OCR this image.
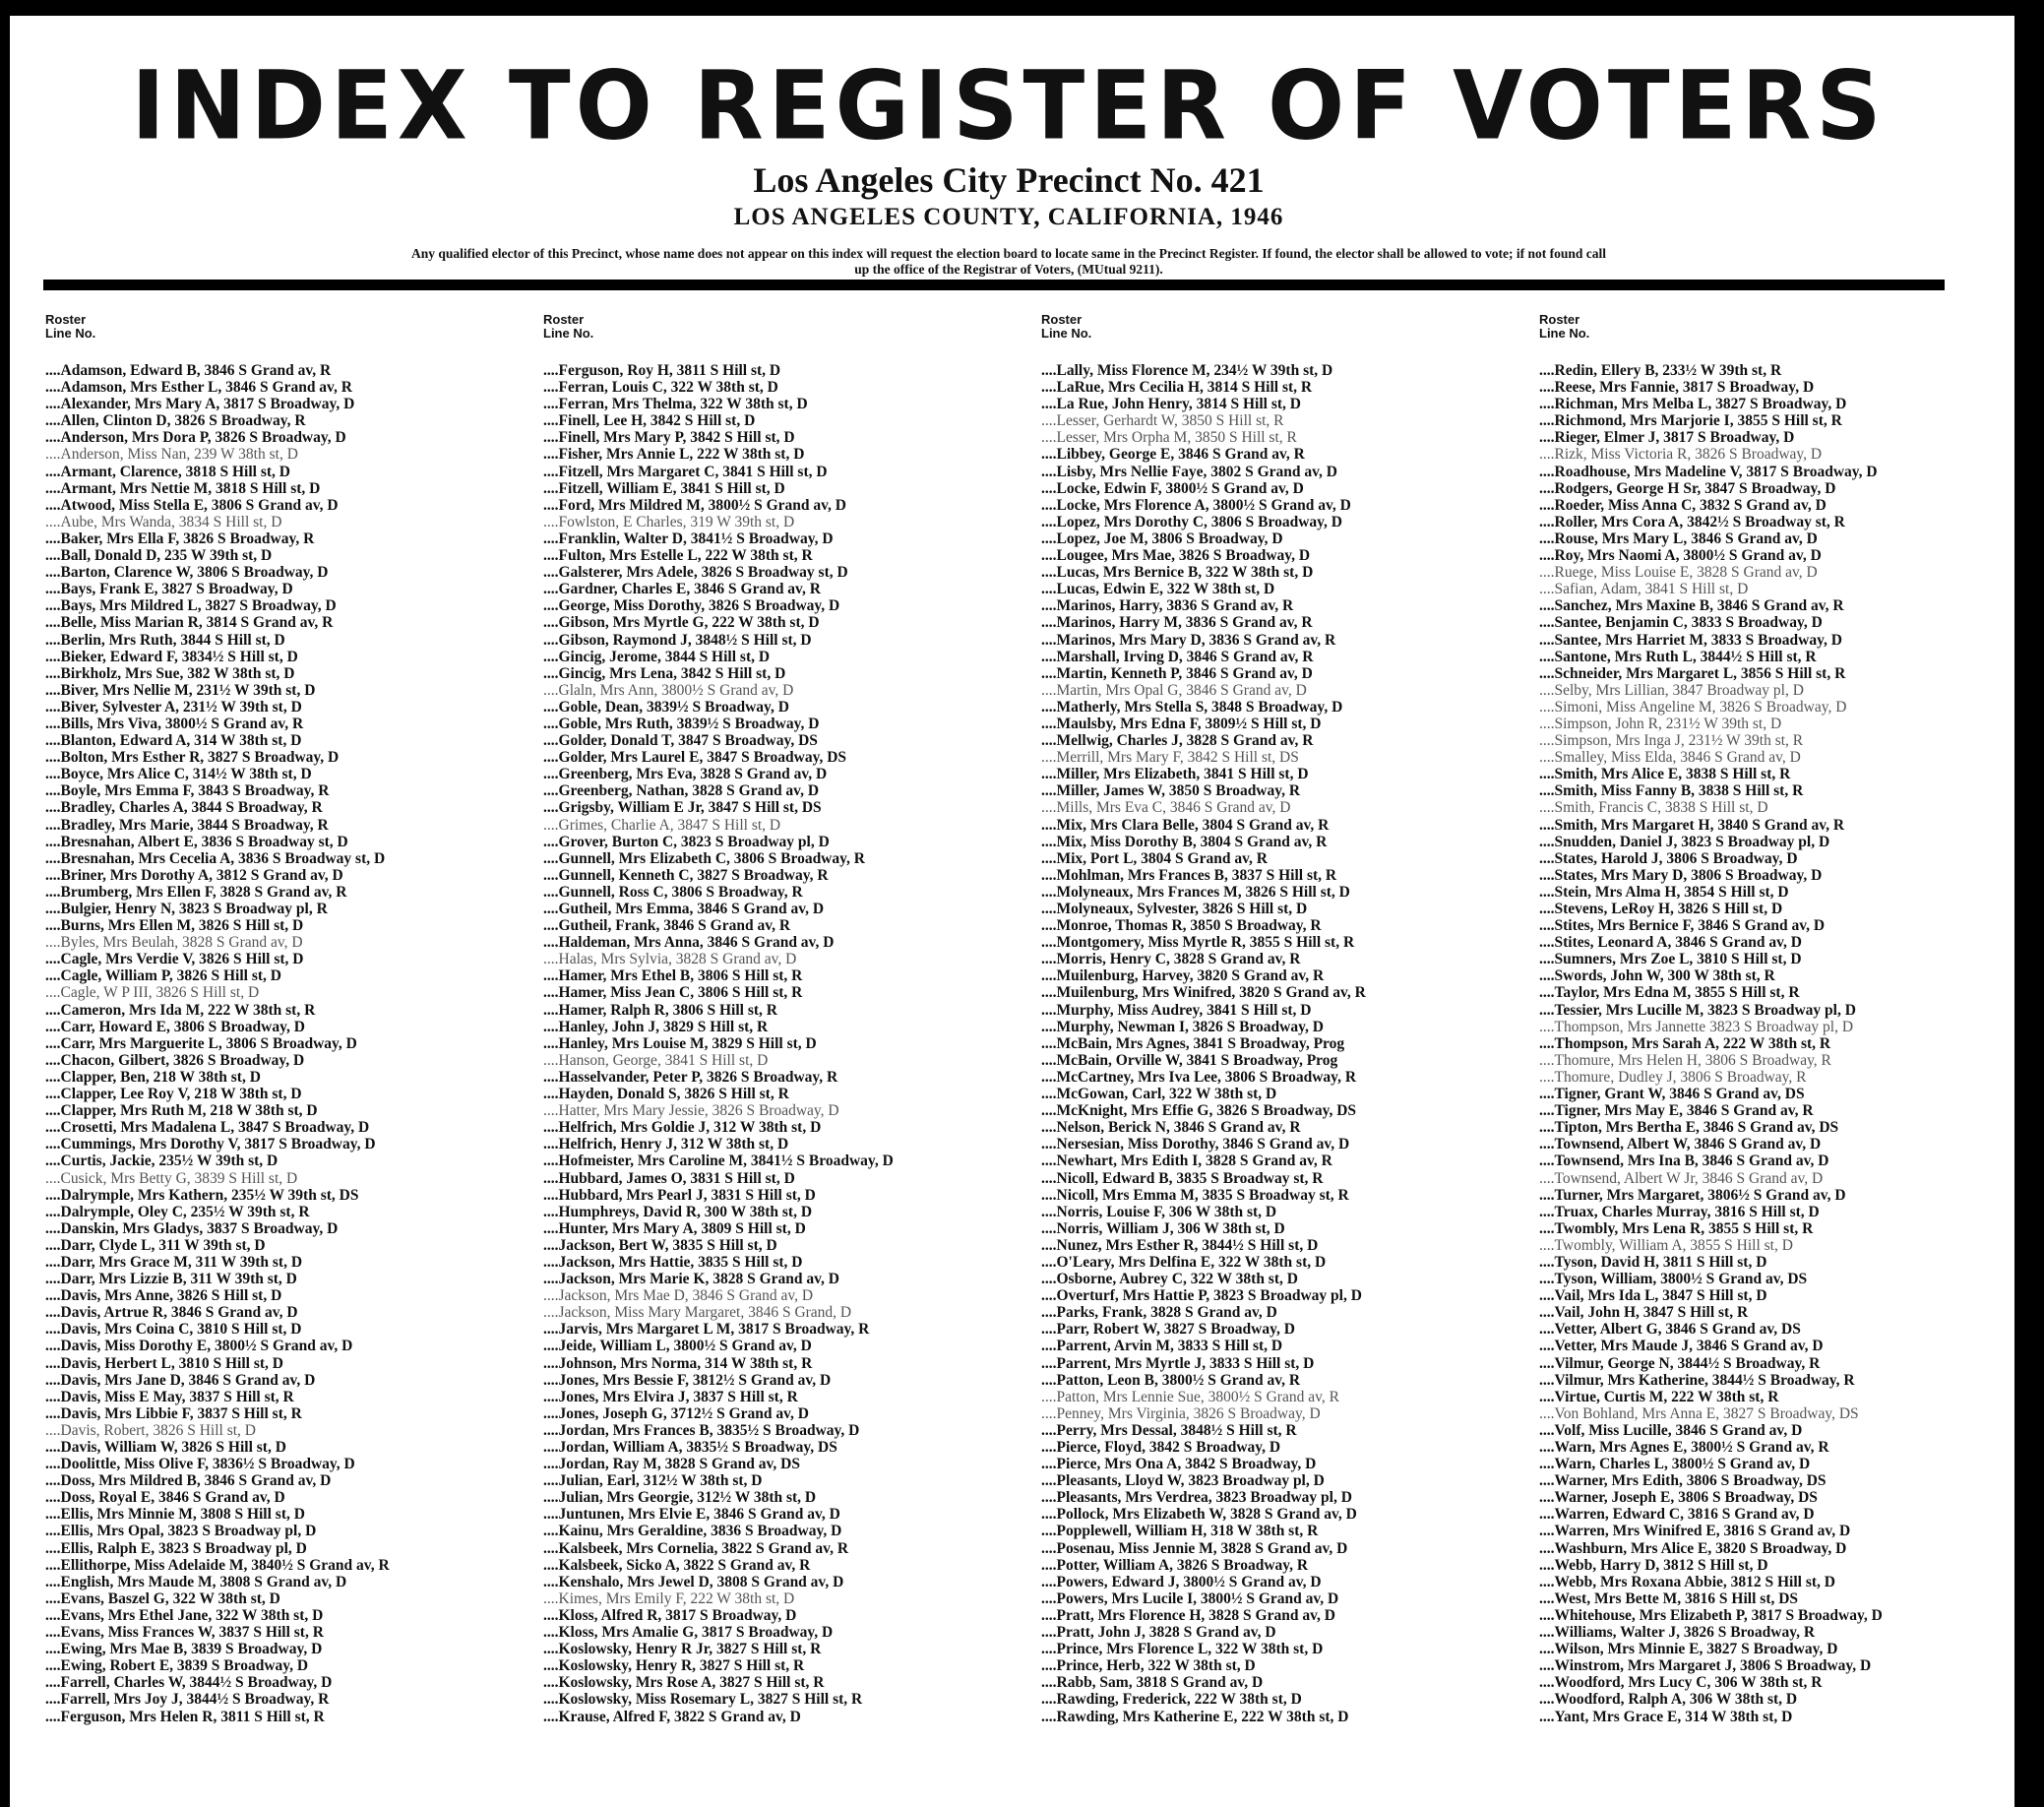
INDEX TO REGISTER OF VOTERS
Los Angeles City Precinct No. 421
LOS ANGELES COUNTY, CALIFORNIA, 1946
Any qualified elector of this Precinct, whose name does not appear on this index will request the election board to locate same in the Precinct Register. If found, the elector shall be allowed to vote; if not found call up the office of the Registrar of Voters, (MUtual 9211).
Roster
Line No.
....Adamson, Edward B, 3846 S Grand av, R
....Adamson, Mrs Esther L, 3846 S Grand av, R
....Alexander, Mrs Mary A, 3817 S Broadway, D
....Allen, Clinton D, 3826 S Broadway, R
....Anderson, Mrs Dora P, 3826 S Broadway, D
....Anderson, Miss Nan, 239 W 38th st, D
....Armant, Clarence, 3818 S Hill st, D
....Armant, Mrs Nettie M, 3818 S Hill st, D
....Atwood, Miss Stella E, 3806 S Grand av, D
....Aube, Mrs Wanda, 3834 S Hill st, D
....Baker, Mrs Ella F, 3826 S Broadway, R
....Ball, Donald D, 235 W 39th st, D
....Barton, Clarence W, 3806 S Broadway, D
....Bays, Frank E, 3827 S Broadway, D
....Bays, Mrs Mildred L, 3827 S Broadway, D
....Belle, Miss Marian R, 3814 S Grand av, R
....Berlin, Mrs Ruth, 3844 S Hill st, D
....Bieker, Edward F, 3834½ S Hill st, D
....Birkholz, Mrs Sue, 382 W 38th st, D
....Biver, Mrs Nellie M, 231½ W 39th st, D
....Biver, Sylvester A, 231½ W 39th st, D
....Bills, Mrs Viva, 3800½ S Grand av, R
....Blanton, Edward A, 314 W 38th st, D
....Bolton, Mrs Esther R, 3827 S Broadway, D
....Boyce, Mrs Alice C, 314½ W 38th st, D
....Boyle, Mrs Emma F, 3843 S Broadway, R
....Bradley, Charles A, 3844 S Broadway, R
....Bradley, Mrs Marie, 3844 S Broadway, R
....Bresnahan, Albert E, 3836 S Broadway st, D
....Bresnahan, Mrs Cecelia A, 3836 S Broadway st, D
....Briner, Mrs Dorothy A, 3812 S Grand av, D
....Brumberg, Mrs Ellen F, 3828 S Grand av, R
....Bulgier, Henry N, 3823 S Broadway pl, R
....Burns, Mrs Ellen M, 3826 S Hill st, D
....Byles, Mrs Beulah, 3828 S Grand av, D
....Cagle, Mrs Verdie V, 3826 S Hill st, D
....Cagle, William P, 3826 S Hill st, D
....Cagle, W P III, 3826 S Hill st, D
....Cameron, Mrs Ida M, 222 W 38th st, R
....Carr, Howard E, 3806 S Broadway, D
....Carr, Mrs Marguerite L, 3806 S Broadway, D
....Chacon, Gilbert, 3826 S Broadway, D
....Clapper, Ben, 218 W 38th st, D
....Clapper, Lee Roy V, 218 W 38th st, D
....Clapper, Mrs Ruth M, 218 W 38th st, D
....Crosetti, Mrs Madalena L, 3847 S Broadway, D
....Cummings, Mrs Dorothy V, 3817 S Broadway, D
....Curtis, Jackie, 235½ W 39th st, D
....Cusick, Mrs Betty G, 3839 S Hill st, D
....Dalrymple, Mrs Kathern, 235½ W 39th st, DS
....Dalrymple, Oley C, 235½ W 39th st, R
....Danskin, Mrs Gladys, 3837 S Broadway, D
....Darr, Clyde L, 311 W 39th st, D
....Darr, Mrs Grace M, 311 W 39th st, D
....Darr, Mrs Lizzie B, 311 W 39th st, D
....Davis, Mrs Anne, 3826 S Hill st, D
....Davis, Artrue R, 3846 S Grand av, D
....Davis, Mrs Coina C, 3810 S Hill st, D
....Davis, Miss Dorothy E, 3800½ S Grand av, D
....Davis, Herbert L, 3810 S Hill st, D
....Davis, Mrs Jane D, 3846 S Grand av, D
....Davis, Miss E May, 3837 S Hill st, R
....Davis, Mrs Libbie F, 3837 S Hill st, R
....Davis, Robert, 3826 S Hill st, D
....Davis, William W, 3826 S Hill st, D
....Doolittle, Miss Olive F, 3836½ S Broadway, D
....Doss, Mrs Mildred B, 3846 S Grand av, D
....Doss, Royal E, 3846 S Grand av, D
....Ellis, Mrs Minnie M, 3808 S Hill st, D
....Ellis, Mrs Opal, 3823 S Broadway pl, D
....Ellis, Ralph E, 3823 S Broadway pl, D
....Ellithorpe, Miss Adelaide M, 3840½ S Grand av, R
....English, Mrs Maude M, 3808 S Grand av, D
....Evans, Baszel G, 322 W 38th st, D
....Evans, Mrs Ethel Jane, 322 W 38th st, D
....Evans, Miss Frances W, 3837 S Hill st, R
....Ewing, Mrs Mae B, 3839 S Broadway, D
....Ewing, Robert E, 3839 S Broadway, D
....Farrell, Charles W, 3844½ S Broadway, D
....Farrell, Mrs Joy J, 3844½ S Broadway, R
....Ferguson, Mrs Helen R, 3811 S Hill st, R
Roster
Line No.
....Ferguson, Roy H, 3811 S Hill st, D
....Ferran, Louis C, 322 W 38th st, D
....Ferran, Mrs Thelma, 322 W 38th st, D
....Finell, Lee H, 3842 S Hill st, D
....Finell, Mrs Mary P, 3842 S Hill st, D
....Fisher, Mrs Annie L, 222 W 38th st, D
....Fitzell, Mrs Margaret C, 3841 S Hill st, D
....Fitzell, William E, 3841 S Hill st, D
....Ford, Mrs Mildred M, 3800½ S Grand av, D
....Fowlston, E Charles, 319 W 39th st, D
....Franklin, Walter D, 3841½ S Broadway, D
....Fulton, Mrs Estelle L, 222 W 38th st, R
....Galsterer, Mrs Adele, 3826 S Broadway st, D
....Gardner, Charles E, 3846 S Grand av, R
....George, Miss Dorothy, 3826 S Broadway, D
....Gibson, Mrs Myrtle G, 222 W 38th st, D
....Gibson, Raymond J, 3848½ S Hill st, D
....Gincig, Jerome, 3844 S Hill st, D
....Gincig, Mrs Lena, 3842 S Hill st, D
....Glaln, Mrs Ann, 3800½ S Grand av, D
....Goble, Dean, 3839½ S Broadway, D
....Goble, Mrs Ruth, 3839½ S Broadway, D
....Golder, Donald T, 3847 S Broadway, DS
....Golder, Mrs Laurel E, 3847 S Broadway, DS
....Greenberg, Mrs Eva, 3828 S Grand av, D
....Greenberg, Nathan, 3828 S Grand av, D
....Grigsby, William E Jr, 3847 S Hill st, DS
....Grimes, Charlie A, 3847 S Hill st, D
....Grover, Burton C, 3823 S Broadway pl, D
....Gunnell, Mrs Elizabeth C, 3806 S Broadway, R
....Gunnell, Kenneth C, 3827 S Broadway, R
....Gunnell, Ross C, 3806 S Broadway, R
....Gutheil, Mrs Emma, 3846 S Grand av, D
....Gutheil, Frank, 3846 S Grand av, R
....Haldeman, Mrs Anna, 3846 S Grand av, D
....Halas, Mrs Sylvia, 3828 S Grand av, D
....Hamer, Mrs Ethel B, 3806 S Hill st, R
....Hamer, Miss Jean C, 3806 S Hill st, R
....Hamer, Ralph R, 3806 S Hill st, R
....Hanley, John J, 3829 S Hill st, R
....Hanley, Mrs Louise M, 3829 S Hill st, D
....Hanson, George, 3841 S Hill st, D
....Hasselvander, Peter P, 3826 S Broadway, R
....Hayden, Donald S, 3826 S Hill st, R
....Hatter, Mrs Mary Jessie, 3826 S Broadway, D
....Helfrich, Mrs Goldie J, 312 W 38th st, D
....Helfrich, Henry J, 312 W 38th st, D
....Hofmeister, Mrs Caroline M, 3841½ S Broadway, D
....Hubbard, James O, 3831 S Hill st, D
....Hubbard, Mrs Pearl J, 3831 S Hill st, D
....Humphreys, David R, 300 W 38th st, D
....Hunter, Mrs Mary A, 3809 S Hill st, D
....Jackson, Bert W, 3835 S Hill st, D
....Jackson, Mrs Hattie, 3835 S Hill st, D
....Jackson, Mrs Marie K, 3828 S Grand av, D
....Jackson, Mrs Mae D, 3846 S Grand av, D
....Jackson, Miss Mary Margaret, 3846 S Grand, D
....Jarvis, Mrs Margaret L M, 3817 S Broadway, R
....Jeide, William L, 3800½ S Grand av, D
....Johnson, Mrs Norma, 314 W 38th st, R
....Jones, Mrs Bessie F, 3812½ S Grand av, D
....Jones, Mrs Elvira J, 3837 S Hill st, R
....Jones, Joseph G, 3712½ S Grand av, D
....Jordan, Mrs Frances B, 3835½ S Broadway, D
....Jordan, William A, 3835½ S Broadway, DS
....Jordan, Ray M, 3828 S Grand av, DS
....Julian, Earl, 312½ W 38th st, D
....Julian, Mrs Georgie, 312½ W 38th st, D
....Juntunen, Mrs Elvie E, 3846 S Grand av, D
....Kainu, Mrs Geraldine, 3836 S Broadway, D
....Kalsbeek, Mrs Cornelia, 3822 S Grand av, R
....Kalsbeek, Sicko A, 3822 S Grand av, R
....Kenshalo, Mrs Jewel D, 3808 S Grand av, D
....Kimes, Mrs Emily F, 222 W 38th st, D
....Kloss, Alfred R, 3817 S Broadway, D
....Kloss, Mrs Amalie G, 3817 S Broadway, D
....Koslowsky, Henry R Jr, 3827 S Hill st, R
....Koslowsky, Henry R, 3827 S Hill st, R
....Koslowsky, Mrs Rose A, 3827 S Hill st, R
....Koslowsky, Miss Rosemary L, 3827 S Hill st, R
....Krause, Alfred F, 3822 S Grand av, D
Roster
Line No.
....Lally, Miss Florence M, 234½ W 39th st, D
....LaRue, Mrs Cecilia H, 3814 S Hill st, R
....La Rue, John Henry, 3814 S Hill st, D
....Lesser, Gerhardt W, 3850 S Hill st, R
....Lesser, Mrs Orpha M, 3850 S Hill st, R
....Libbey, George E, 3846 S Grand av, R
....Lisby, Mrs Nellie Faye, 3802 S Grand av, D
....Locke, Edwin F, 3800½ S Grand av, D
....Locke, Mrs Florence A, 3800½ S Grand av, D
....Lopez, Mrs Dorothy C, 3806 S Broadway, D
....Lopez, Joe M, 3806 S Broadway, D
....Lougee, Mrs Mae, 3826 S Broadway, D
....Lucas, Mrs Bernice B, 322 W 38th st, D
....Lucas, Edwin E, 322 W 38th st, D
....Marinos, Harry, 3836 S Grand av, R
....Marinos, Harry M, 3836 S Grand av, R
....Marinos, Mrs Mary D, 3836 S Grand av, R
....Marshall, Irving D, 3846 S Grand av, R
....Martin, Kenneth P, 3846 S Grand av, D
....Martin, Mrs Opal G, 3846 S Grand av, D
....Matherly, Mrs Stella S, 3848 S Broadway, D
....Maulsby, Mrs Edna F, 3809½ S Hill st, D
....Mellwig, Charles J, 3828 S Grand av, R
....Merrill, Mrs Mary F, 3842 S Hill st, DS
....Miller, Mrs Elizabeth, 3841 S Hill st, D
....Miller, James W, 3850 S Broadway, R
....Mills, Mrs Eva C, 3846 S Grand av, D
....Mix, Mrs Clara Belle, 3804 S Grand av, R
....Mix, Miss Dorothy B, 3804 S Grand av, R
....Mix, Port L, 3804 S Grand av, R
....Mohlman, Mrs Frances B, 3837 S Hill st, R
....Molyneaux, Mrs Frances M, 3826 S Hill st, D
....Molyneaux, Sylvester, 3826 S Hill st, D
....Monroe, Thomas R, 3850 S Broadway, R
....Montgomery, Miss Myrtle R, 3855 S Hill st, R
....Morris, Henry C, 3828 S Grand av, R
....Muilenburg, Harvey, 3820 S Grand av, R
....Muilenburg, Mrs Winifred, 3820 S Grand av, R
....Murphy, Miss Audrey, 3841 S Hill st, D
....Murphy, Newman I, 3826 S Broadway, D
....McBain, Mrs Agnes, 3841 S Broadway, Prog
....McBain, Orville W, 3841 S Broadway, Prog
....McCartney, Mrs Iva Lee, 3806 S Broadway, R
....McGowan, Carl, 322 W 38th st, D
....McKnight, Mrs Effie G, 3826 S Broadway, DS
....Nelson, Berick N, 3846 S Grand av, R
....Nersesian, Miss Dorothy, 3846 S Grand av, D
....Newhart, Mrs Edith I, 3828 S Grand av, R
....Nicoll, Edward B, 3835 S Broadway st, R
....Nicoll, Mrs Emma M, 3835 S Broadway st, R
....Norris, Louise F, 306 W 38th st, D
....Norris, William J, 306 W 38th st, D
....Nunez, Mrs Esther R, 3844½ S Hill st, D
....O'Leary, Mrs Delfina E, 322 W 38th st, D
....Osborne, Aubrey C, 322 W 38th st, D
....Overturf, Mrs Hattie P, 3823 S Broadway pl, D
....Parks, Frank, 3828 S Grand av, D
....Parr, Robert W, 3827 S Broadway, D
....Parrent, Arvin M, 3833 S Hill st, D
....Parrent, Mrs Myrtle J, 3833 S Hill st, D
....Patton, Leon B, 3800½ S Grand av, R
....Patton, Mrs Lennie Sue, 3800½ S Grand av, R
....Penney, Mrs Virginia, 3826 S Broadway, D
....Perry, Mrs Dessal, 3848½ S Hill st, R
....Pierce, Floyd, 3842 S Broadway, D
....Pierce, Mrs Ona A, 3842 S Broadway, D
....Pleasants, Lloyd W, 3823 Broadway pl, D
....Pleasants, Mrs Verdrea, 3823 Broadway pl, D
....Pollock, Mrs Elizabeth W, 3828 S Grand av, D
....Popplewell, William H, 318 W 38th st, R
....Posenau, Miss Jennie M, 3828 S Grand av, D
....Potter, William A, 3826 S Broadway, R
....Powers, Edward J, 3800½ S Grand av, D
....Powers, Mrs Lucile I, 3800½ S Grand av, D
....Pratt, Mrs Florence H, 3828 S Grand av, D
....Pratt, John J, 3828 S Grand av, D
....Prince, Mrs Florence L, 322 W 38th st, D
....Prince, Herb, 322 W 38th st, D
....Rabb, Sam, 3818 S Grand av, D
....Rawding, Frederick, 222 W 38th st, D
....Rawding, Mrs Katherine E, 222 W 38th st, D
Roster
Line No.
....Redin, Ellery B, 233½ W 39th st, R
....Reese, Mrs Fannie, 3817 S Broadway, D
....Richman, Mrs Melba L, 3827 S Broadway, D
....Richmond, Mrs Marjorie I, 3855 S Hill st, R
....Rieger, Elmer J, 3817 S Broadway, D
....Rizk, Miss Victoria R, 3826 S Broadway, D
....Roadhouse, Mrs Madeline V, 3817 S Broadway, D
....Rodgers, George H Sr, 3847 S Broadway, D
....Roeder, Miss Anna C, 3832 S Grand av, D
....Roller, Mrs Cora A, 3842½ S Broadway st, R
....Rouse, Mrs Mary L, 3846 S Grand av, D
....Roy, Mrs Naomi A, 3800½ S Grand av, D
....Ruege, Miss Louise E, 3828 S Grand av, D
....Safian, Adam, 3841 S Hill st, D
....Sanchez, Mrs Maxine B, 3846 S Grand av, R
....Santee, Benjamin C, 3833 S Broadway, D
....Santee, Mrs Harriet M, 3833 S Broadway, D
....Santone, Mrs Ruth L, 3844½ S Hill st, R
....Schneider, Mrs Margaret L, 3856 S Hill st, R
....Selby, Mrs Lillian, 3847 Broadway pl, D
....Simoni, Miss Angeline M, 3826 S Broadway, D
....Simpson, John R, 231½ W 39th st, D
....Simpson, Mrs Inga J, 231½ W 39th st, R
....Smalley, Miss Elda, 3846 S Grand av, D
....Smith, Mrs Alice E, 3838 S Hill st, R
....Smith, Miss Fanny B, 3838 S Hill st, R
....Smith, Francis C, 3838 S Hill st, D
....Smith, Mrs Margaret H, 3840 S Grand av, R
....Snudden, Daniel J, 3823 S Broadway pl, D
....States, Harold J, 3806 S Broadway, D
....States, Mrs Mary D, 3806 S Broadway, D
....Stein, Mrs Alma H, 3854 S Hill st, D
....Stevens, LeRoy H, 3826 S Hill st, D
....Stites, Mrs Bernice F, 3846 S Grand av, D
....Stites, Leonard A, 3846 S Grand av, D
....Sumners, Mrs Zoe L, 3810 S Hill st, D
....Swords, John W, 300 W 38th st, R
....Taylor, Mrs Edna M, 3855 S Hill st, R
....Tessier, Mrs Lucille M, 3823 S Broadway pl, D
....Thompson, Mrs Jannette 3823 S Broadway pl, D
....Thompson, Mrs Sarah A, 222 W 38th st, R
....Thomure, Mrs Helen H, 3806 S Broadway, R
....Thomure, Dudley J, 3806 S Broadway, R
....Tigner, Grant W, 3846 S Grand av, DS
....Tigner, Mrs May E, 3846 S Grand av, R
....Tipton, Mrs Bertha E, 3846 S Grand av, DS
....Townsend, Albert W, 3846 S Grand av, D
....Townsend, Mrs Ina B, 3846 S Grand av, D
....Townsend, Albert W Jr, 3846 S Grand av, D
....Turner, Mrs Margaret, 3806½ S Grand av, D
....Truax, Charles Murray, 3816 S Hill st, D
....Twombly, Mrs Lena R, 3855 S Hill st, R
....Twombly, William A, 3855 S Hill st, D
....Tyson, David H, 3811 S Hill st, D
....Tyson, William, 3800½ S Grand av, DS
....Vail, Mrs Ida L, 3847 S Hill st, D
....Vail, John H, 3847 S Hill st, R
....Vetter, Albert G, 3846 S Grand av, DS
....Vetter, Mrs Maude J, 3846 S Grand av, D
....Vilmur, George N, 3844½ S Broadway, R
....Vilmur, Mrs Katherine, 3844½ S Broadway, R
....Virtue, Curtis M, 222 W 38th st, R
....Von Bohland, Mrs Anna E, 3827 S Broadway, DS
....Volf, Miss Lucille, 3846 S Grand av, D
....Warn, Mrs Agnes E, 3800½ S Grand av, R
....Warn, Charles L, 3800½ S Grand av, D
....Warner, Mrs Edith, 3806 S Broadway, DS
....Warner, Joseph E, 3806 S Broadway, DS
....Warren, Edward C, 3816 S Grand av, D
....Warren, Mrs Winifred E, 3816 S Grand av, D
....Washburn, Mrs Alice E, 3820 S Broadway, D
....Webb, Harry D, 3812 S Hill st, D
....Webb, Mrs Roxana Abbie, 3812 S Hill st, D
....West, Mrs Bette M, 3816 S Hill st, DS
....Whitehouse, Mrs Elizabeth P, 3817 S Broadway, D
....Williams, Walter J, 3826 S Broadway, R
....Wilson, Mrs Minnie E, 3827 S Broadway, D
....Winstrom, Mrs Margaret J, 3806 S Broadway, D
....Woodford, Mrs Lucy C, 306 W 38th st, R
....Woodford, Ralph A, 306 W 38th st, D
....Yant, Mrs Grace E, 314 W 38th st, D
